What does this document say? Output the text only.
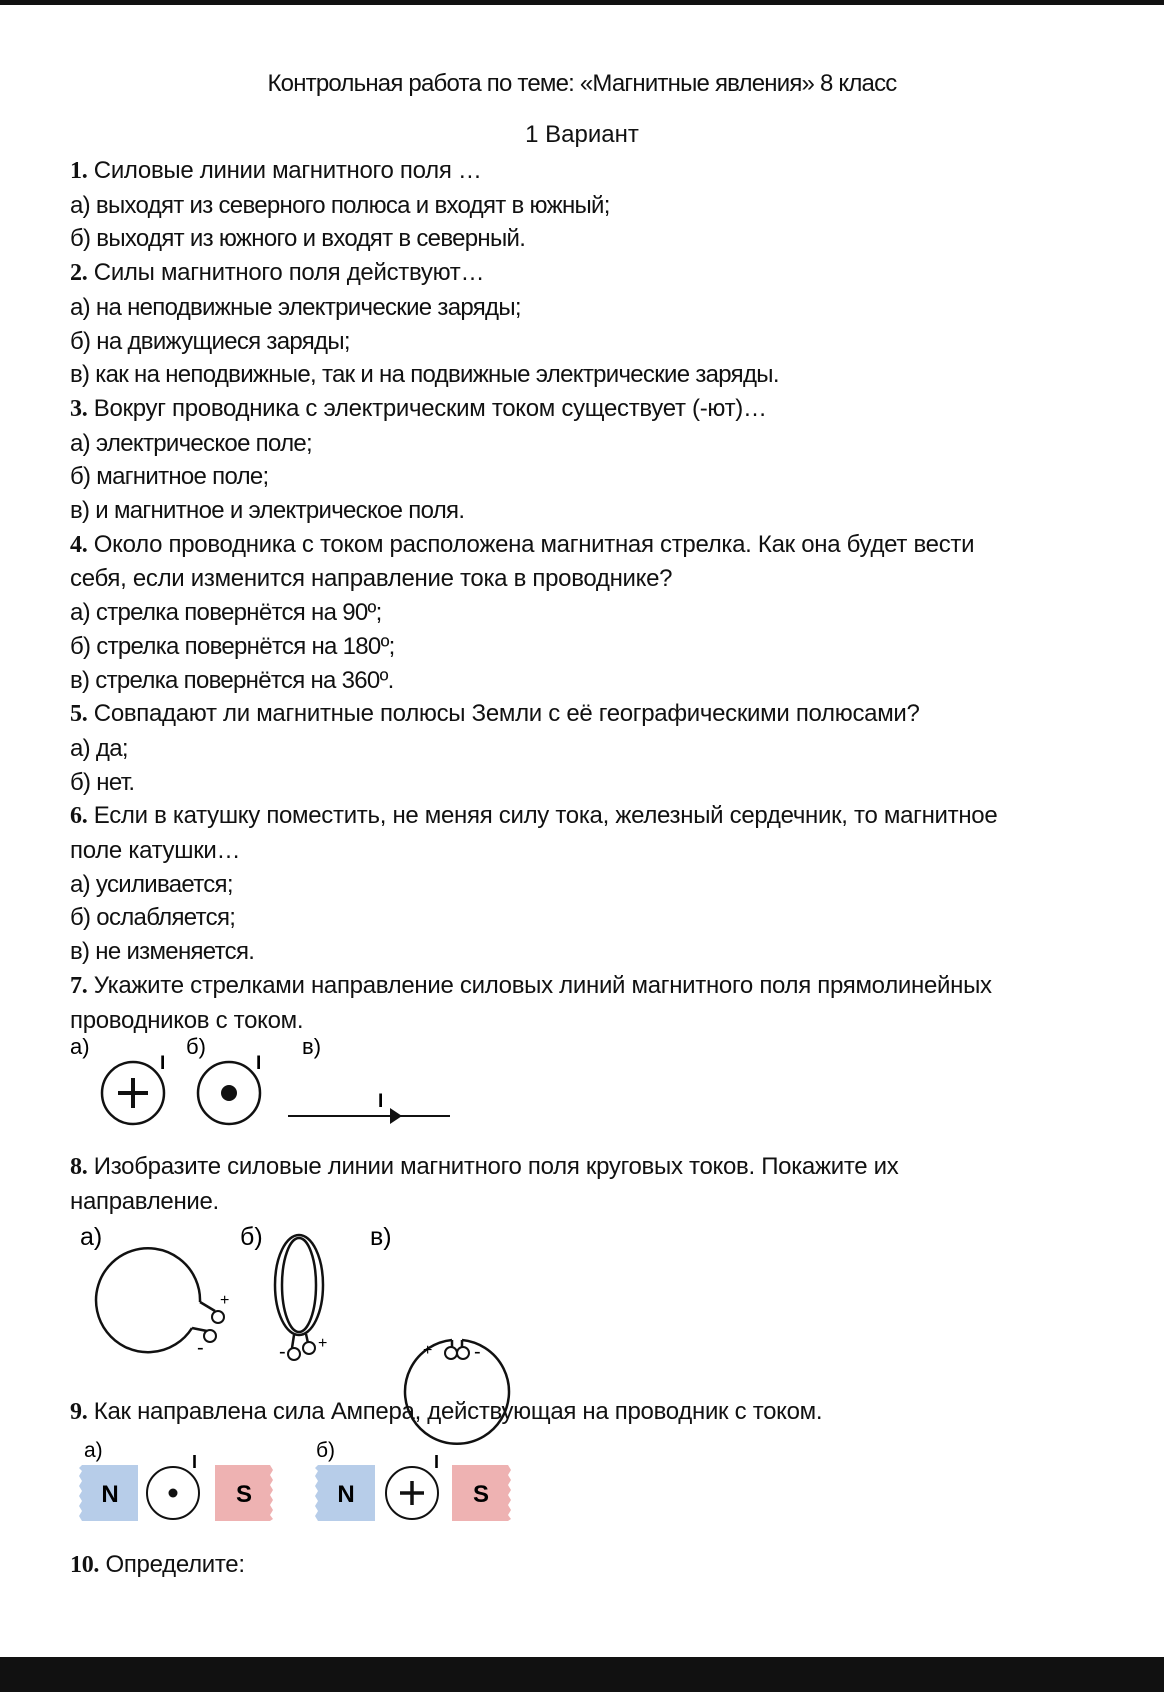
Контрольная работа по теме: «Магнитные явления» 8 класс
1 Вариант
1. Силовые линии магнитного поля …
а) выходят из северного полюса и входят в южный;
б) выходят из южного и входят в северный.
2. Силы магнитного поля действуют…
а) на неподвижные электрические заряды;
б) на движущиеся заряды;
в) как на неподвижные, так и на подвижные электрические заряды.
3. Вокруг проводника с электрическим током существует (-ют)…
а) электрическое поле;
б) магнитное поле;
в) и магнитное и электрическое поля.
4. Около проводника с током расположена магнитная стрелка. Как она будет вести
себя, если изменится направление тока в проводнике?
а) стрелка повернётся на 90º;
б) стрелка повернётся на 180º;
в) стрелка повернётся на 360º.
5. Совпадают ли магнитные полюсы Земли с её географическими полюсами?
а) да;
б) нет.
6. Если в катушку поместить, не меняя силу тока, железный сердечник, то магнитное
поле катушки…
а) усиливается;
б) ослабляется;
в) не изменяется.
7. Укажите стрелками направление силовых линий магнитного поля прямолинейных
проводников с током.
а)
I
б)
I
в)
I
8. Изобразите силовые линии магнитного поля круговых токов. Покажите их
направление.
а)
+
-
б)
- +
в)
+ -
9. Как направлена сила Ампера, действующая на проводник с током.
а)
N
I
S
б)
N
I
S
10. Определите:
